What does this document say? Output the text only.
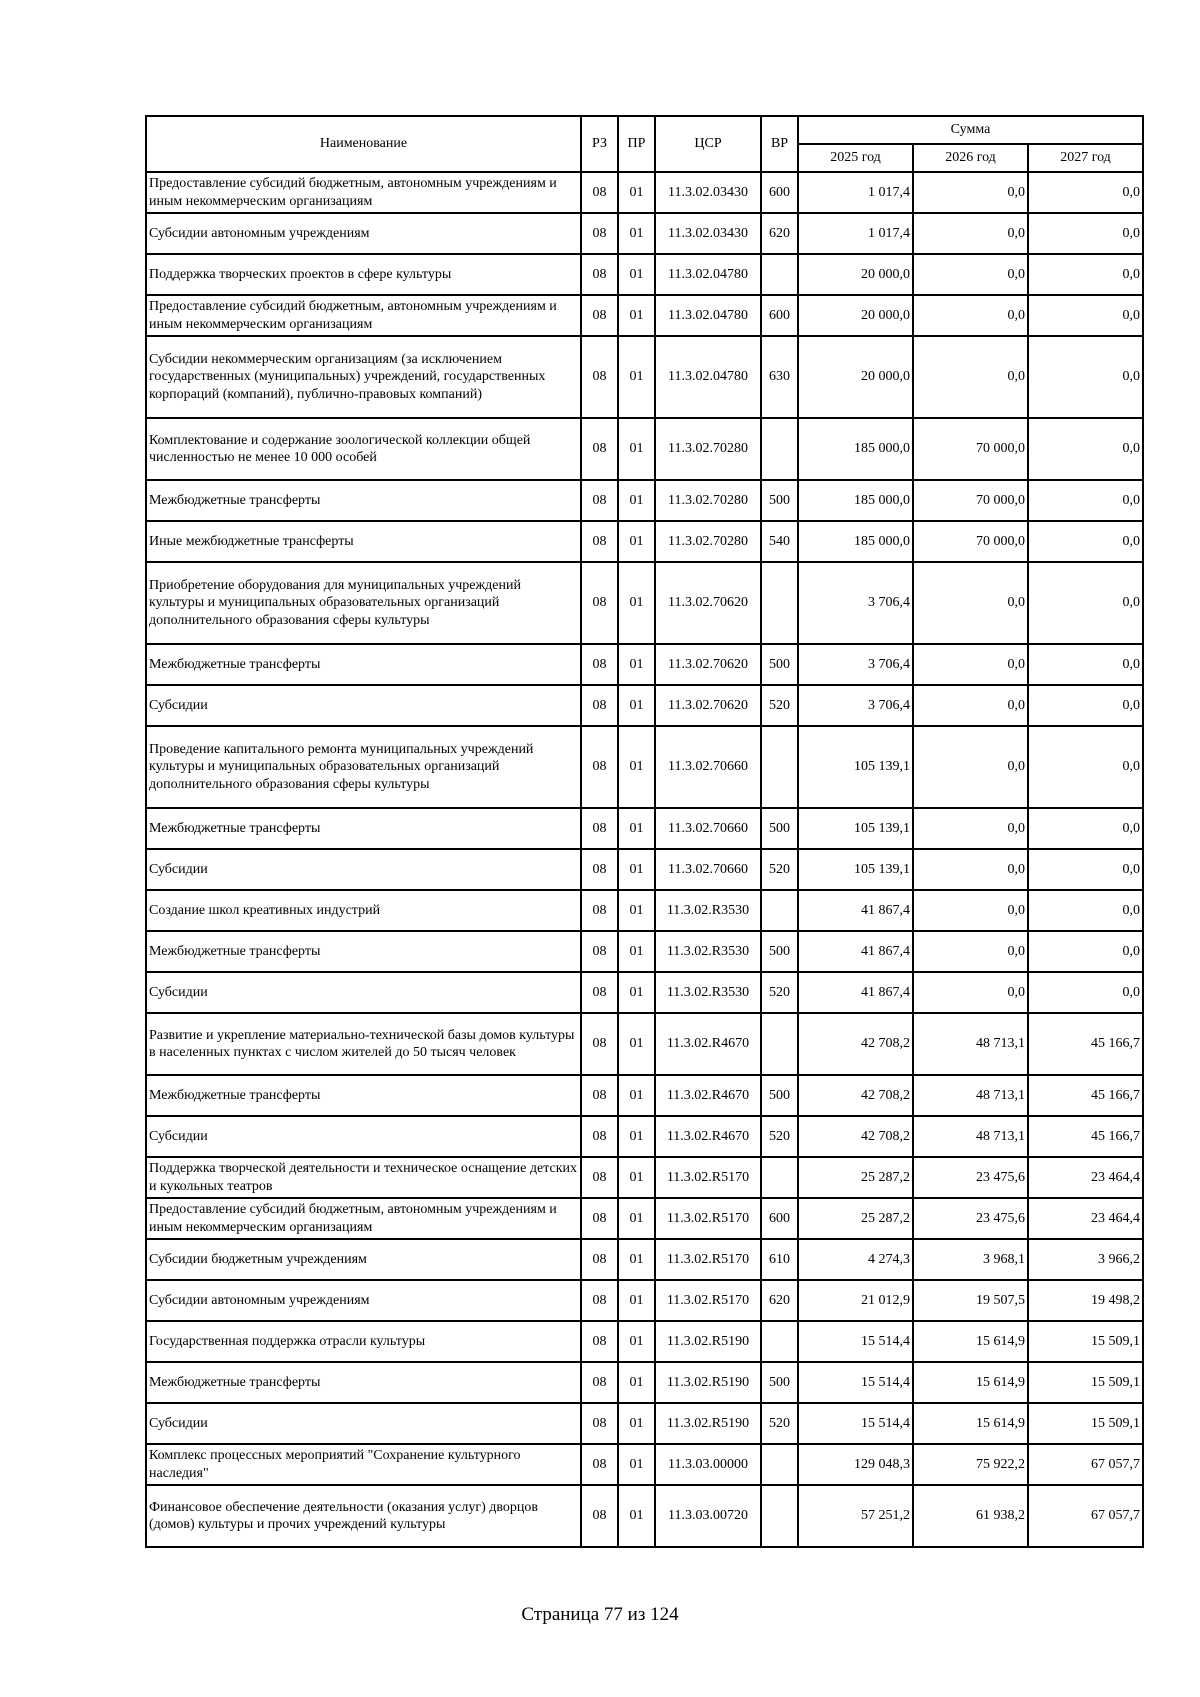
Наименование	РЗ	ПР	ЦСР	ВР	Сумма		
					2025 год	2026 год	2027 год
Предоставление субсидий бюджетным, автономным учреждениям и иным некоммерческим организациям	08	01	11.3.02.03430	600	1 017,4	0,0	0,0
Субсидии автономным учреждениям	08	01	11.3.02.03430	620	1 017,4	0,0	0,0
Поддержка творческих проектов в сфере культуры	08	01	11.3.02.04780		20 000,0	0,0	0,0
Предоставление субсидий бюджетным, автономным учреждениям и иным некоммерческим организациям	08	01	11.3.02.04780	600	20 000,0	0,0	0,0
Субсидии некоммерческим организациям (за исключением государственных (муниципальных) учреждений, государственных корпораций (компаний), публично-правовых компаний)	08	01	11.3.02.04780	630	20 000,0	0,0	0,0
Комплектование и содержание зоологической коллекции общей численностью не менее 10 000 особей	08	01	11.3.02.70280		185 000,0	70 000,0	0,0
Межбюджетные трансферты	08	01	11.3.02.70280	500	185 000,0	70 000,0	0,0
Иные межбюджетные трансферты	08	01	11.3.02.70280	540	185 000,0	70 000,0	0,0
Приобретение оборудования для муниципальных учреждений культуры и муниципальных образовательных организаций дополнительного образования сферы культуры	08	01	11.3.02.70620		3 706,4	0,0	0,0
Межбюджетные трансферты	08	01	11.3.02.70620	500	3 706,4	0,0	0,0
Субсидии	08	01	11.3.02.70620	520	3 706,4	0,0	0,0
Проведение капитального ремонта муниципальных учреждений культуры и муниципальных образовательных организаций дополнительного образования сферы культуры	08	01	11.3.02.70660		105 139,1	0,0	0,0
Межбюджетные трансферты	08	01	11.3.02.70660	500	105 139,1	0,0	0,0
Субсидии	08	01	11.3.02.70660	520	105 139,1	0,0	0,0
Создание школ креативных индустрий	08	01	11.3.02.R3530		41 867,4	0,0	0,0
Межбюджетные трансферты	08	01	11.3.02.R3530	500	41 867,4	0,0	0,0
Субсидии	08	01	11.3.02.R3530	520	41 867,4	0,0	0,0
Развитие и укрепление материально-технической базы домов культуры в населенных пунктах с числом жителей до 50 тысяч человек	08	01	11.3.02.R4670		42 708,2	48 713,1	45 166,7
Межбюджетные трансферты	08	01	11.3.02.R4670	500	42 708,2	48 713,1	45 166,7
Субсидии	08	01	11.3.02.R4670	520	42 708,2	48 713,1	45 166,7
Поддержка творческой деятельности и техническое оснащение детских и кукольных театров	08	01	11.3.02.R5170		25 287,2	23 475,6	23 464,4
Предоставление субсидий бюджетным, автономным учреждениям и иным некоммерческим организациям	08	01	11.3.02.R5170	600	25 287,2	23 475,6	23 464,4
Субсидии бюджетным учреждениям	08	01	11.3.02.R5170	610	4 274,3	3 968,1	3 966,2
Субсидии автономным учреждениям	08	01	11.3.02.R5170	620	21 012,9	19 507,5	19 498,2
Государственная поддержка отрасли культуры	08	01	11.3.02.R5190		15 514,4	15 614,9	15 509,1
Межбюджетные трансферты	08	01	11.3.02.R5190	500	15 514,4	15 614,9	15 509,1
Субсидии	08	01	11.3.02.R5190	520	15 514,4	15 614,9	15 509,1
Комплекс процессных мероприятий "Сохранение культурного наследия"	08	01	11.3.03.00000		129 048,3	75 922,2	67 057,7
Финансовое обеспечение деятельности (оказания услуг) дворцов (домов) культуры и прочих учреждений культуры	08	01	11.3.03.00720		57 251,2	61 938,2	67 057,7
Страница 77 из 124
